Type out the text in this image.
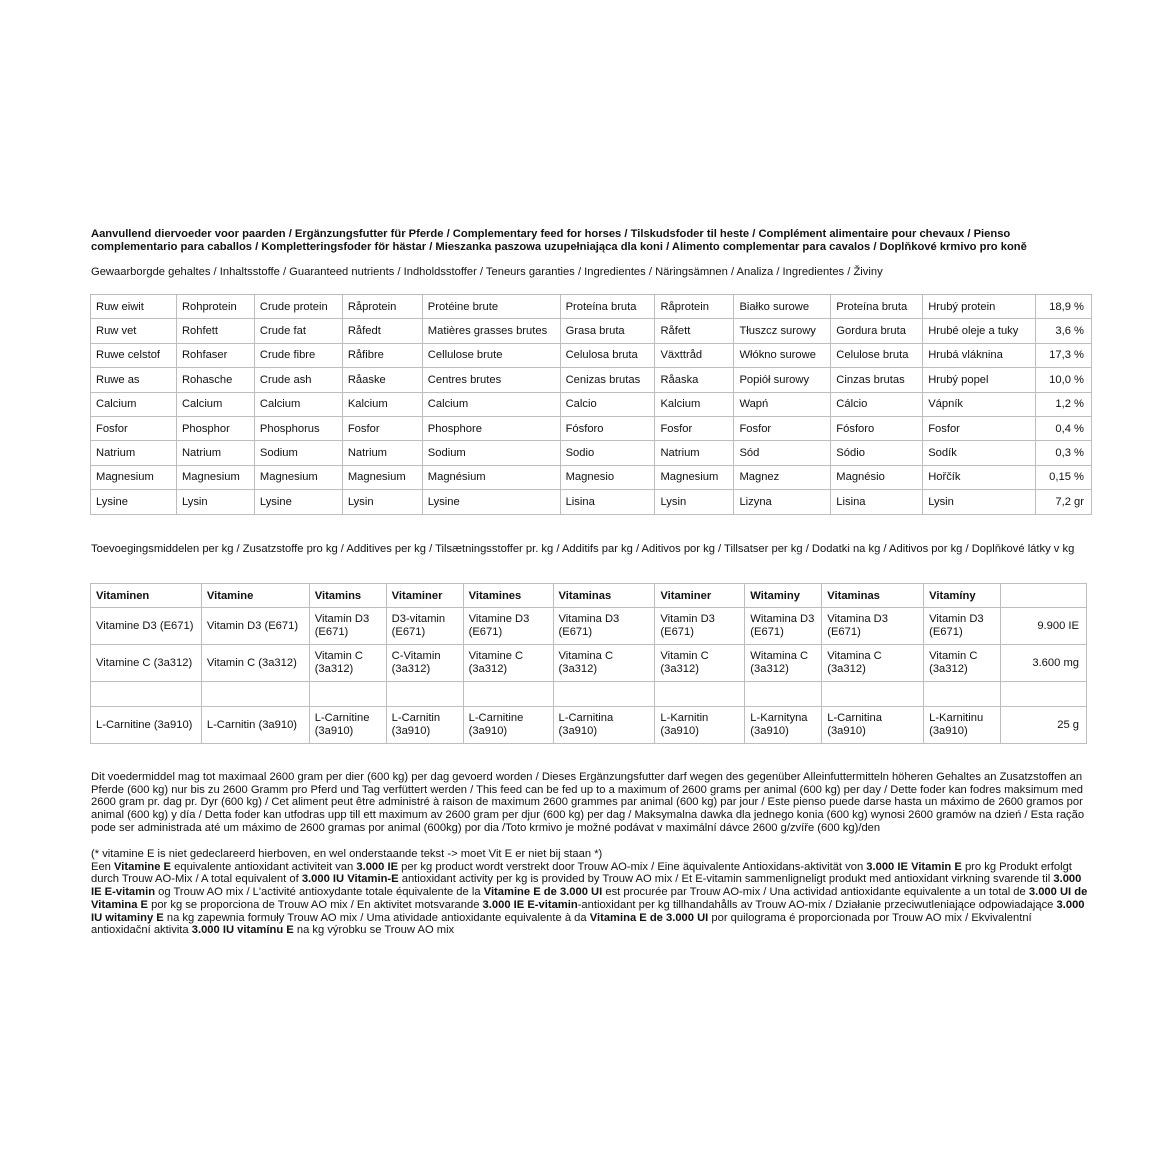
Aanvullend diervoeder voor paarden / Ergänzungsfutter für Pferde / Complementary feed for horses / Tilskudsfoder til heste / Complément alimentaire pour chevaux / Pienso complementario para caballos / Kompletteringsfoder för hästar / Mieszanka paszowa uzupełniająca dla koni / Alimento complementar para cavalos / Doplňkové krmivo pro koně
Gewaarborgde gehaltes / Inhaltsstoffe / Guaranteed nutrients / Indholdsstoffer / Teneurs garanties / Ingredientes / Näringsämnen / Analiza / Ingredientes / Živiny
Ruw eiwit	Rohprotein	Crude protein	Råprotein	Protéine brute	Proteína bruta	Råprotein	Białko surowe	Proteína bruta	Hrubý protein	18,9 %
Ruw vet	Rohfett	Crude fat	Råfedt	Matières grasses brutes	Grasa bruta	Råfett	Tłuszcz surowy	Gordura bruta	Hrubé oleje a tuky	3,6 %
Ruwe celstof	Rohfaser	Crude fibre	Råfibre	Cellulose brute	Celulosa bruta	Växttråd	Włókno surowe	Celulose bruta	Hrubá vláknina	17,3 %
Ruwe as	Rohasche	Crude ash	Råaske	Centres brutes	Cenizas brutas	Råaska	Popiół surowy	Cinzas brutas	Hrubý popel	10,0 %
Calcium	Calcium	Calcium	Kalcium	Calcium	Calcio	Kalcium	Wapń	Cálcio	Vápník	1,2 %
Fosfor	Phosphor	Phosphorus	Fosfor	Phosphore	Fósforo	Fosfor	Fosfor	Fósforo	Fosfor	0,4 %
Natrium	Natrium	Sodium	Natrium	Sodium	Sodio	Natrium	Sód	Sódio	Sodík	0,3 %
Magnesium	Magnesium	Magnesium	Magnesium	Magnésium	Magnesio	Magnesium	Magnez	Magnésio	Hořčík	0,15 %
Lysine	Lysin	Lysine	Lysin	Lysine	Lisina	Lysin	Lizyna	Lisina	Lysin	7,2 gr
Toevoegingsmiddelen per kg / Zusatzstoffe pro kg / Additives per kg / Tilsætningsstoffer pr. kg / Additifs par kg / Aditivos por kg / Tillsatser per kg / Dodatki na kg / Aditivos por kg / Doplňkové látky v kg
Vitaminen	Vitamine	Vitamins	Vitaminer	Vitamines	Vitaminas	Vitaminer	Witaminy	Vitaminas	Vitamíny	
Vitamine D3 (E671)	Vitamin D3 (E671)	Vitamin D3 (E671)	D3-vitamin (E671)	Vitamine D3 (E671)	Vitamina D3 (E671)	Vitamin D3 (E671)	Witamina D3 (E671)	Vitamina D3 (E671)	Vitamin D3 (E671)	9.900 IE
Vitamine C (3a312)	Vitamin C (3a312)	Vitamin C (3a312)	C-Vitamin (3a312)	Vitamine C (3a312)	Vitamina C (3a312)	Vitamin C (3a312)	Witamina C (3a312)	Vitamina C (3a312)	Vitamin C (3a312)	3.600 mg

L-Carnitine (3a910)	L-Carnitin (3a910)	L-Carnitine (3a910)	L-Carnitin (3a910)	L-Carnitine (3a910)	L-Carnitina (3a910)	L-Karnitin (3a910)	L-Karnityna (3a910)	L-Carnitina (3a910)	L-Karnitinu (3a910)	25 g
Dit voedermiddel mag tot maximaal 2600 gram per dier (600 kg) per dag gevoerd worden / Dieses Ergänzungsfutter darf wegen des gegenüber Alleinfuttermitteln höheren Gehaltes an Zusatzstoffen an Pferde (600 kg) nur bis zu 2600 Gramm pro Pferd und Tag verfüttert werden / This feed can be fed up to a maximum of 2600 grams per animal (600 kg) per day / Dette foder kan fodres maksimum med 2600 gram pr. dag pr. Dyr (600 kg) / Cet aliment peut être administré à raison de maximum 2600 grammes par animal (600 kg) par jour / Este pienso puede darse hasta un máximo de 2600 gramos por animal (600 kg) y día / Detta foder kan utfodras upp till ett maximum av 2600 gram per djur (600 kg) per dag / Maksymalna dawka dla jednego konia (600 kg) wynosi 2600 gramów na dzień / Esta ração pode ser administrada até um máximo de 2600 gramas por animal (600kg) por dia /Toto krmivo je možné podávat v maximální dávce 2600 g/zvíře (600 kg)/den
(* vitamine E is niet gedeclareerd hierboven, en wel onderstaande tekst -> moet Vit E er niet bij staan *)
Een Vitamine E equivalente antioxidant activiteit van 3.000 IE per kg product wordt verstrekt door Trouw AO-mix / Eine äquivalente Antioxidans-aktivität von 3.000 IE Vitamin E pro kg Produkt erfolgt durch Trouw AO-Mix / A total equivalent of 3.000 IU Vitamin-E antioxidant activity per kg is provided by Trouw AO mix / Et E-vitamin sammenligneligt produkt med antioxidant virkning svarende til 3.000 IE E-vitamin og Trouw AO mix / L'activité antioxydante totale équivalente de la Vitamine E de 3.000 UI est procurée par Trouw AO-mix / Una actividad antioxidante equivalente a un total de 3.000 UI de Vitamina E por kg se proporciona de Trouw AO mix / En aktivitet motsvarande 3.000 IE E-vitamin-antioxidant per kg tillhandahålls av Trouw AO-mix / Działanie przeciwutleniające odpowiadające 3.000 IU witaminy E na kg zapewnia formuły Trouw AO mix / Uma atividade antioxidante equivalente à da Vitamina E de 3.000 UI por quilograma é proporcionada por Trouw AO mix / Ekvivalentní antioxidační aktivita 3.000 IU vitamínu E na kg výrobku se Trouw AO mix
